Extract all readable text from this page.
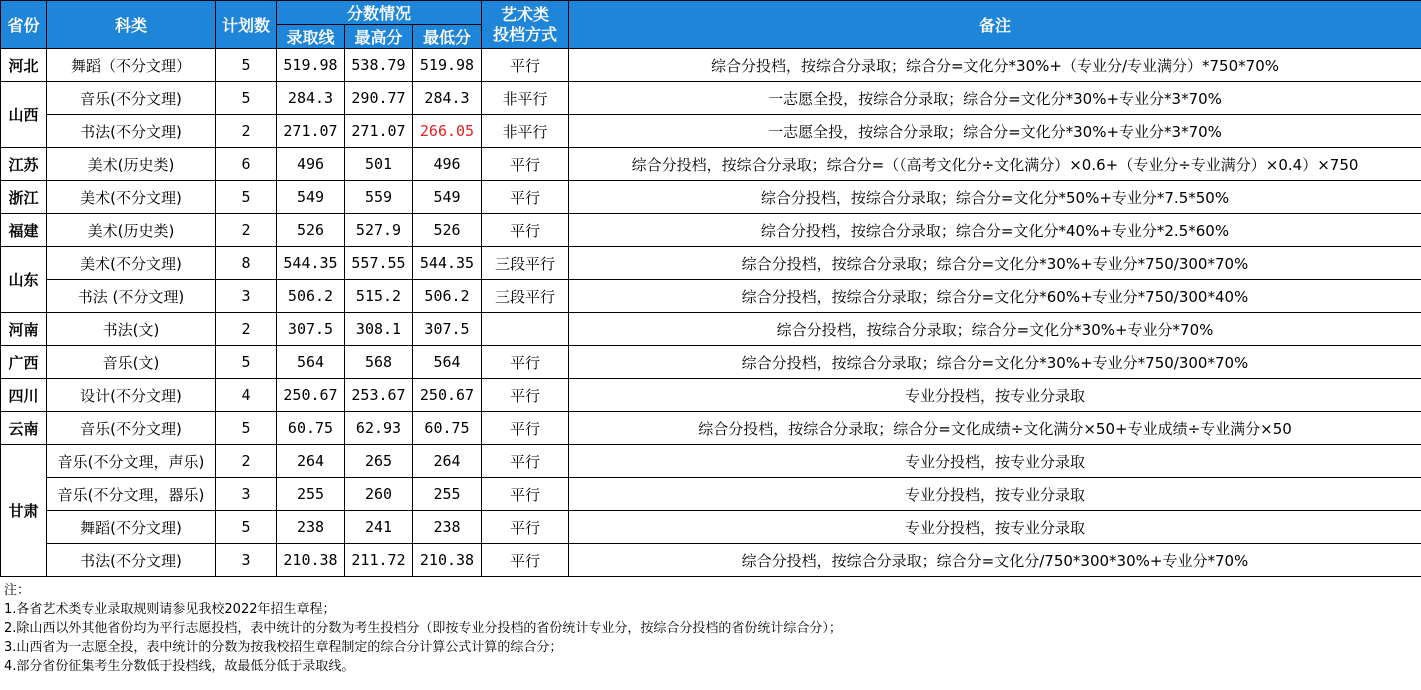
省份	科类	计划数	分数情况			艺术类
投档方式	备注
			录取线	最高分	最低分		
河北	舞蹈（不分文理）	5	519.98	538.79	519.98	平行	综合分投档，按综合分录取；综合分=文化分*30%+（专业分/专业满分）*750*70%
山西	音乐(不分文理)	5	284.3	290.77	284.3	非平行	一志愿全投，按综合分录取；综合分=文化分*30%+专业分*3*70%
	书法(不分文理)	2	271.07	271.07	266.05	非平行	一志愿全投，按综合分录取；综合分=文化分*30%+专业分*3*70%
江苏	美术(历史类)	6	496	501	496	平行	综合分投档，按综合分录取；综合分=（（高考文化分÷文化满分）×0.6+（专业分÷专业满分）×0.4）×750
浙江	美术(不分文理)	5	549	559	549	平行	综合分投档，按综合分录取；综合分=文化分*50%+专业分*7.5*50%
福建	美术(历史类)	2	526	527.9	526	平行	综合分投档，按综合分录取；综合分=文化分*40%+专业分*2.5*60%
山东	美术(不分文理)	8	544.35	557.55	544.35	三段平行	综合分投档，按综合分录取；综合分=文化分*30%+专业分*750/300*70%
	书法 (不分文理)	3	506.2	515.2	506.2	三段平行	综合分投档，按综合分录取；综合分=文化分*60%+专业分*750/300*40%
河南	书法(文)	2	307.5	308.1	307.5		综合分投档，按综合分录取；综合分=文化分*30%+专业分*70%
广西	音乐(文)	5	564	568	564	平行	综合分投档，按综合分录取；综合分=文化分*30%+专业分*750/300*70%
四川	设计(不分文理)	4	250.67	253.67	250.67	平行	专业分投档，按专业分录取
云南	音乐(不分文理)	5	60.75	62.93	60.75	平行	综合分投档，按综合分录取；综合分=文化成绩÷文化满分×50+专业成绩÷专业满分×50
甘肃	音乐(不分文理，声乐)	2	264	265	264	平行	专业分投档，按专业分录取
	音乐(不分文理，器乐)	3	255	260	255	平行	专业分投档，按专业分录取
	舞蹈(不分文理)	5	238	241	238	平行	专业分投档，按专业分录取
	书法(不分文理)	3	210.38	211.72	210.38	平行	综合分投档，按综合分录取；综合分=文化分/750*300*30%+专业分*70%
注：
1.各省艺术类专业录取规则请参见我校2022年招生章程；
2.除山西以外其他省份均为平行志愿投档，表中统计的分数为考生投档分（即按专业分投档的省份统计专业分，按综合分投档的省份统计综合分）；
3.山西省为一志愿全投，表中统计的分数为按我校招生章程制定的综合分计算公式计算的综合分；
4.部分省份征集考生分数低于投档线，故最低分低于录取线。
